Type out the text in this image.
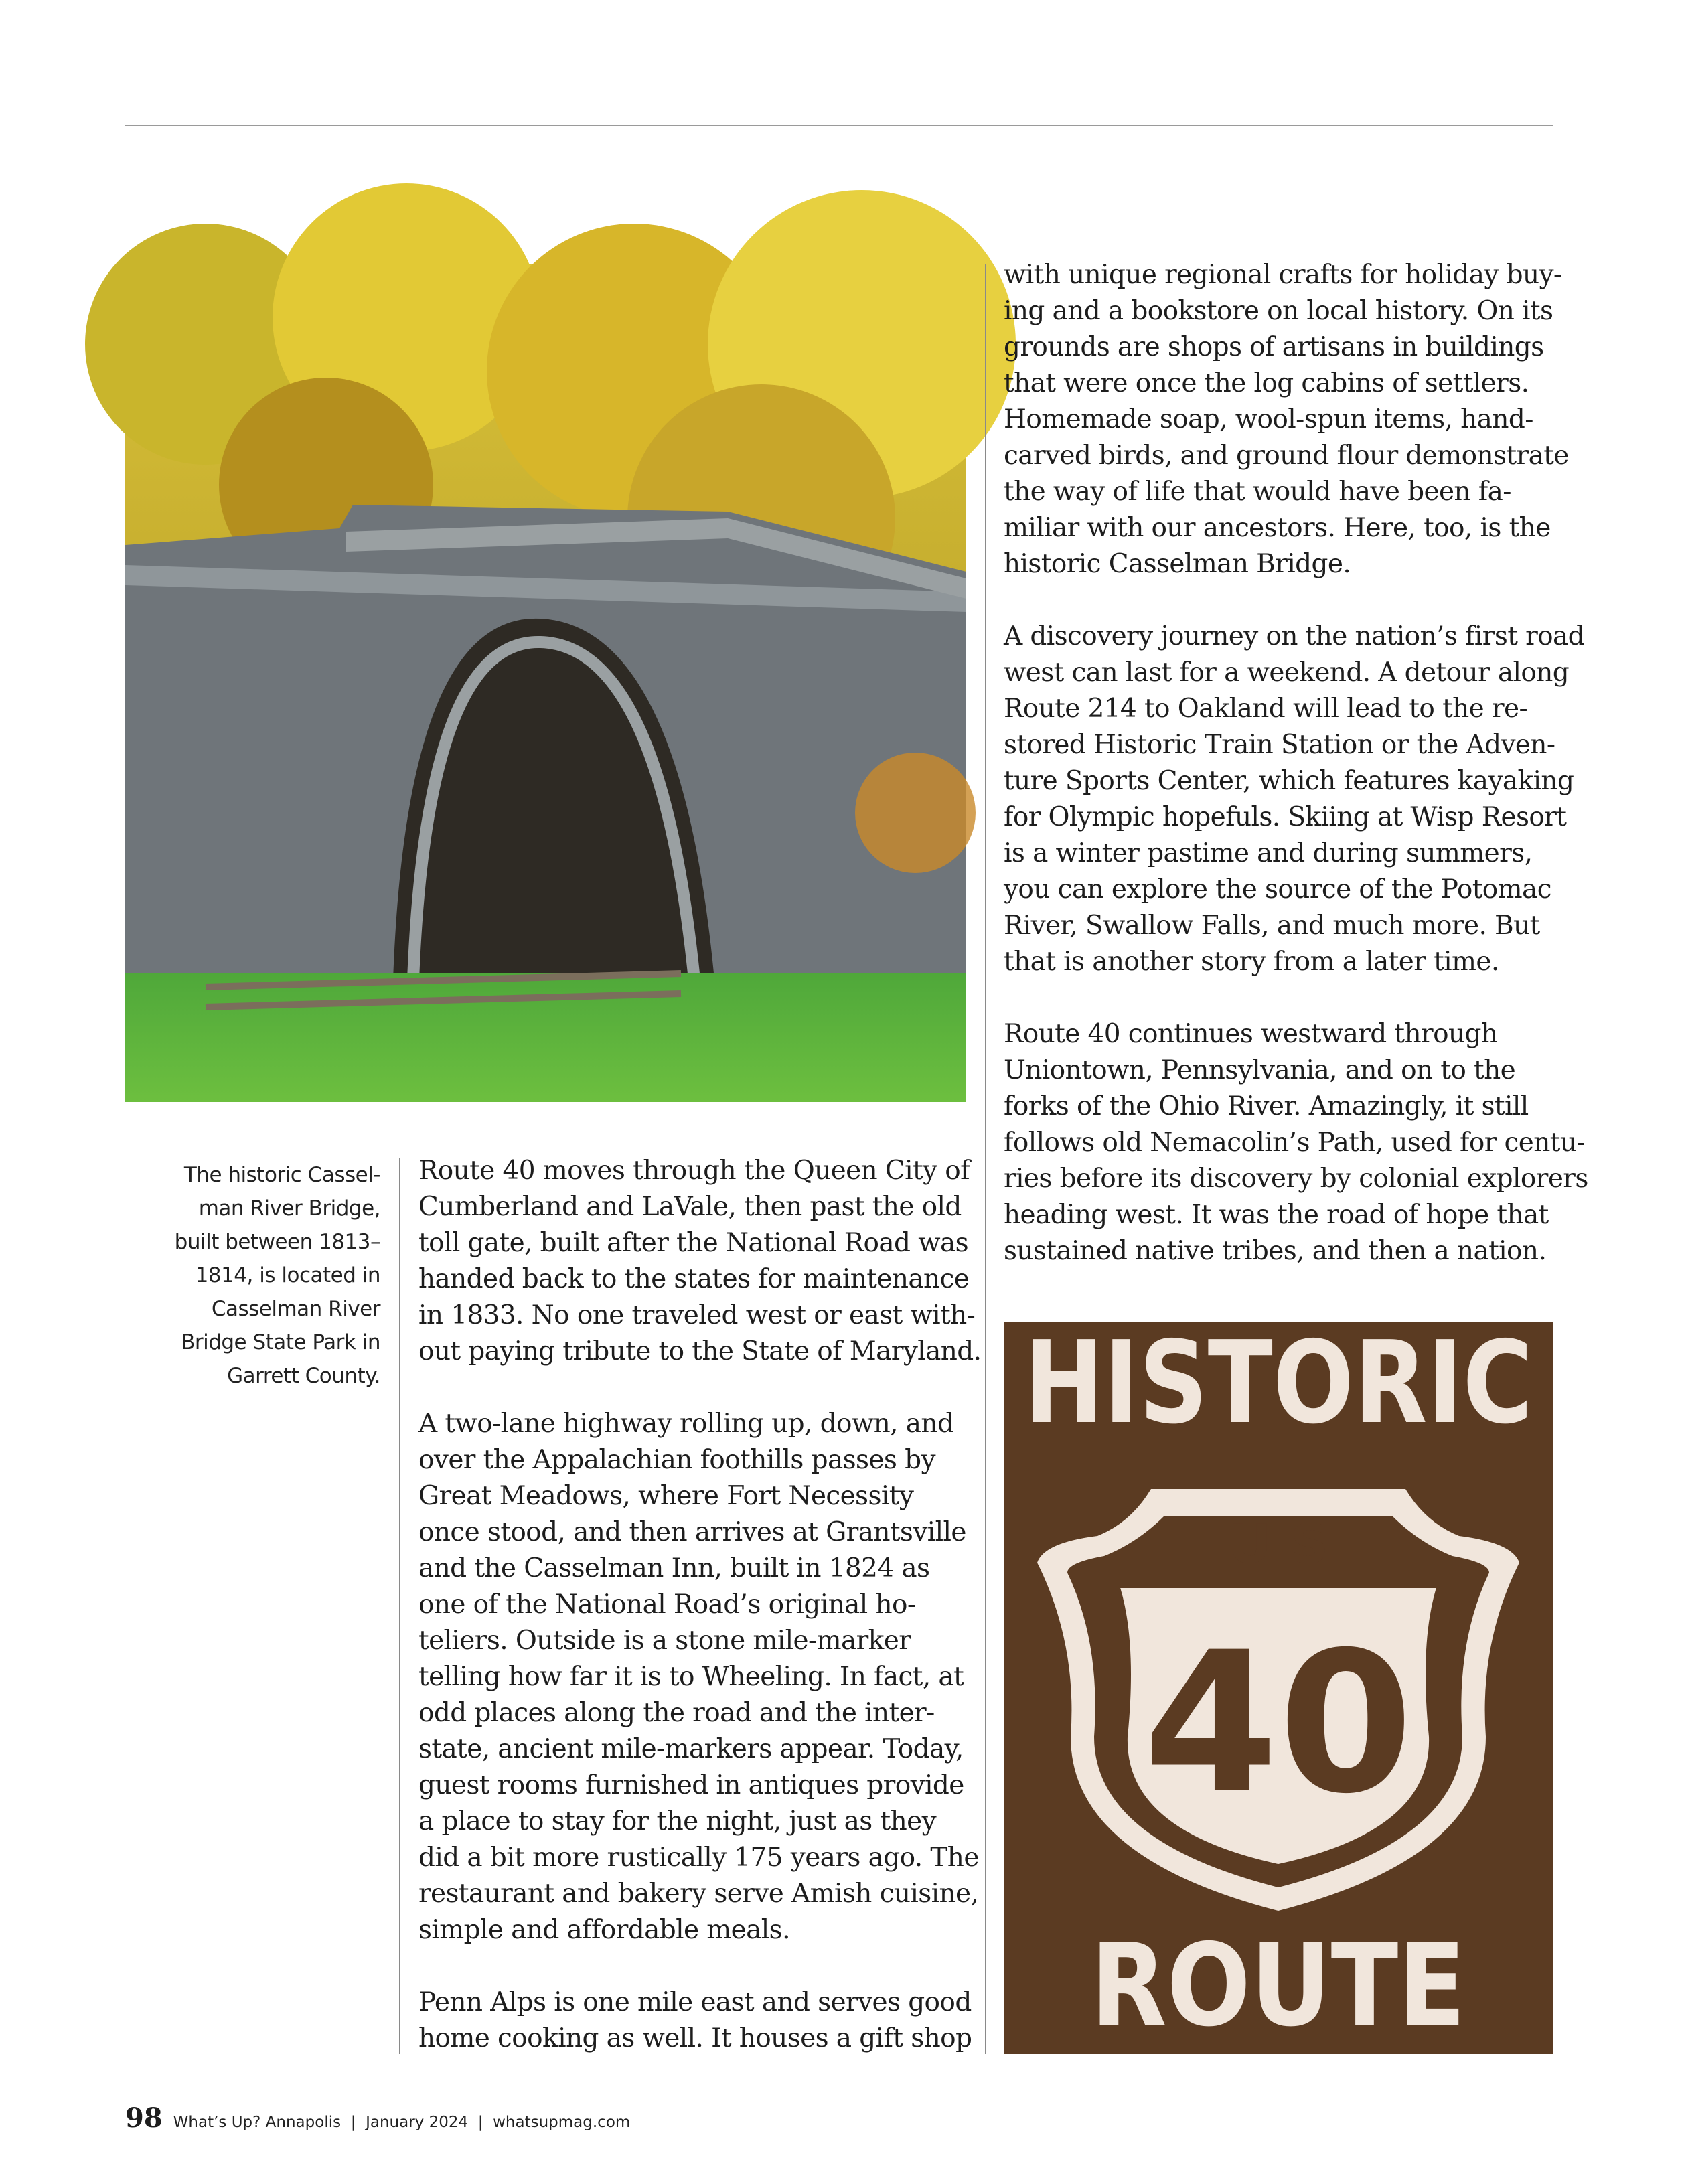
The historic Cassel-
man River Bridge,
built between 1813–
1814, is located in
Casselman River
Bridge State Park in
Garrett County.
Route 40 moves through the Queen City of
Cumberland and LaVale, then past the old
toll gate, built after the National Road was
handed back to the states for maintenance
in 1833. No one traveled west or east with-
out paying tribute to the State of Maryland.
A two-lane highway rolling up, down, and
over the Appalachian foothills passes by
Great Meadows, where Fort Necessity
once stood, and then arrives at Grantsville
and the Casselman Inn, built in 1824 as
one of the National Road’s original ho-
teliers. Outside is a stone mile-marker
telling how far it is to Wheeling. In fact, at
odd places along the road and the inter-
state, ancient mile-markers appear. Today,
guest rooms furnished in antiques provide
a place to stay for the night, just as they
did a bit more rustically 175 years ago. The
restaurant and bakery serve Amish cuisine,
simple and affordable meals.
Penn Alps is one mile east and serves good
home cooking as well. It houses a gift shop
with unique regional crafts for holiday buy-
ing and a bookstore on local history. On its
grounds are shops of artisans in buildings
that were once the log cabins of settlers.
Homemade soap, wool-spun items, hand-
carved birds, and ground flour demonstrate
the way of life that would have been fa-
miliar with our ancestors. Here, too, is the
historic Casselman Bridge.
A discovery journey on the nation’s first road
west can last for a weekend. A detour along
Route 214 to Oakland will lead to the re-
stored Historic Train Station or the Adven-
ture Sports Center, which features kayaking
for Olympic hopefuls. Skiing at Wisp Resort
is a winter pastime and during summers,
you can explore the source of the Potomac
River, Swallow Falls, and much more. But
that is another story from a later time.
Route 40 continues westward through
Uniontown, Pennsylvania, and on to the
forks of the Ohio River. Amazingly, it still
follows old Nemacolin’s Path, used for centu-
ries before its discovery by colonial explorers
heading west. It was the road of hope that
sustained native tribes, and then a nation.
HISTORIC
U S
40
ROUTE
98 What’s Up? Annapolis  |  January 2024  |  whatsupmag.com
